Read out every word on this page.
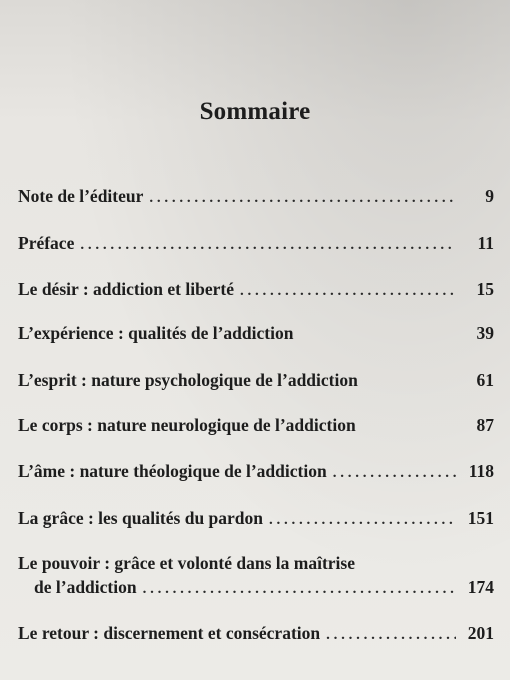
Sommaire
Note de l’éditeur . . .	9
Préface . . .	11
Le désir : addiction et liberté . . .	15
L’expérience : qualités de l’addiction	39
L’esprit : nature psychologique de l’addiction	61
Le corps : nature neurologique de l’addiction	87
L’âme : nature théologique de l’addiction . . .	118
La grâce : les qualités du pardon . . .	151
Le pouvoir : grâce et volonté dans la maîtrise
de l’addiction . . .	174
Le retour : discernement et consécration . . .	201
